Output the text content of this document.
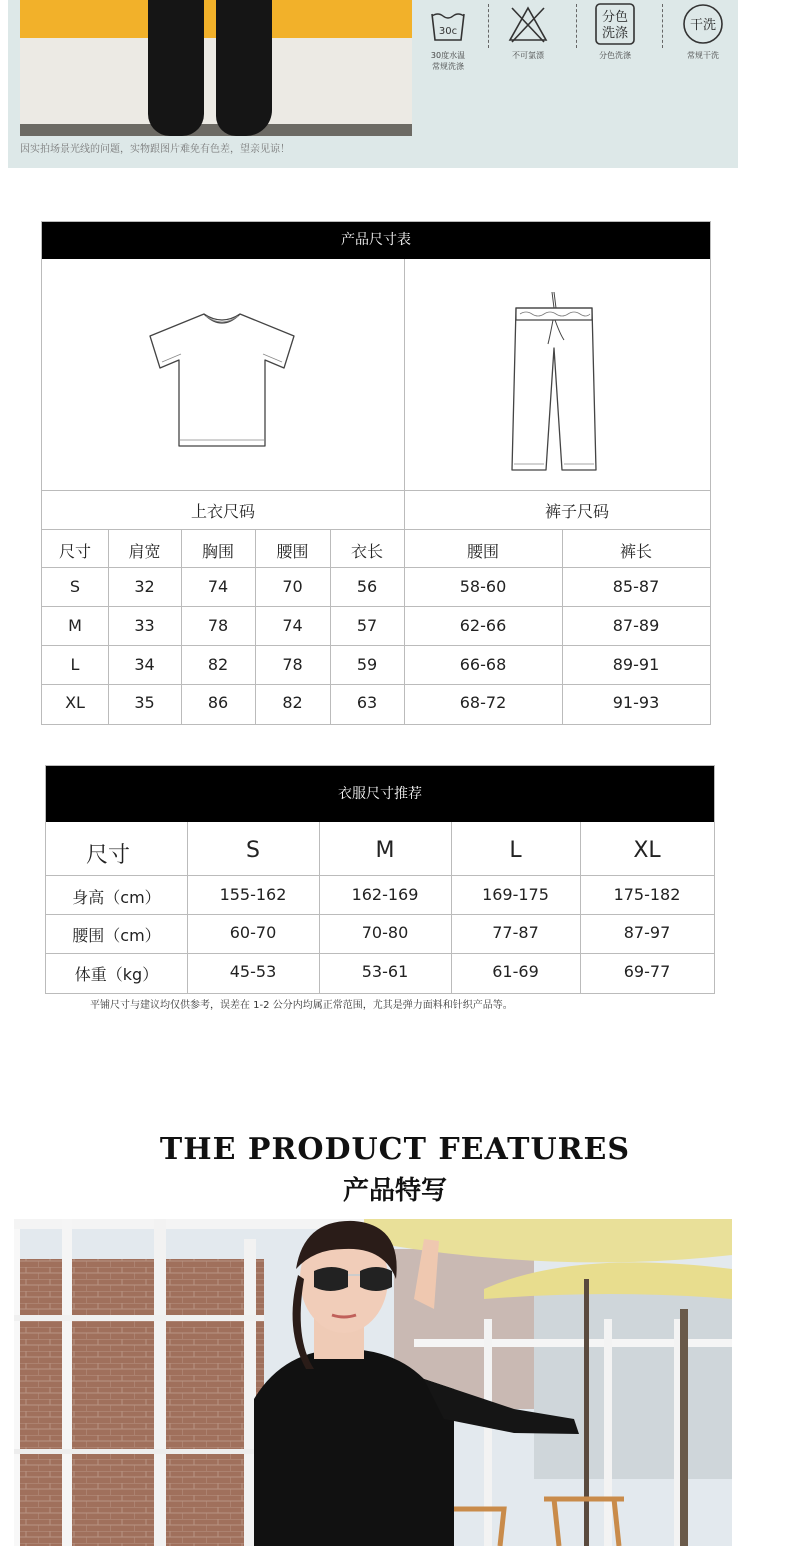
因实拍场景光线的问题，实物跟图片难免有色差，望亲见谅！
30c
30度水温
常规洗涤
不可氯漂
分色
洗涤
分色洗涤
干洗
常规干洗
产品尺寸表
上衣尺码	裤子尺码
尺寸	肩宽	胸围	腰围	衣长	腰围	裤长
S	32	74	70	56	58-60	85-87
M	33	78	74	57	62-66	87-89
L	34	82	78	59	66-68	89-91
XL	35	86	82	63	68-72	91-93
衣服尺寸推荐
尺寸	S	M	L	XL
身高（cm）	155-162	162-169	169-175	175-182
腰围（cm）	60-70	70-80	77-87	87-97
体重（kg）	45-53	53-61	61-69	69-77
平铺尺寸与建议均仅供参考，误差在 1-2 公分内均属正常范围，尤其是弹力面料和针织产品等。
THE PRODUCT FEATURES
产品特写
